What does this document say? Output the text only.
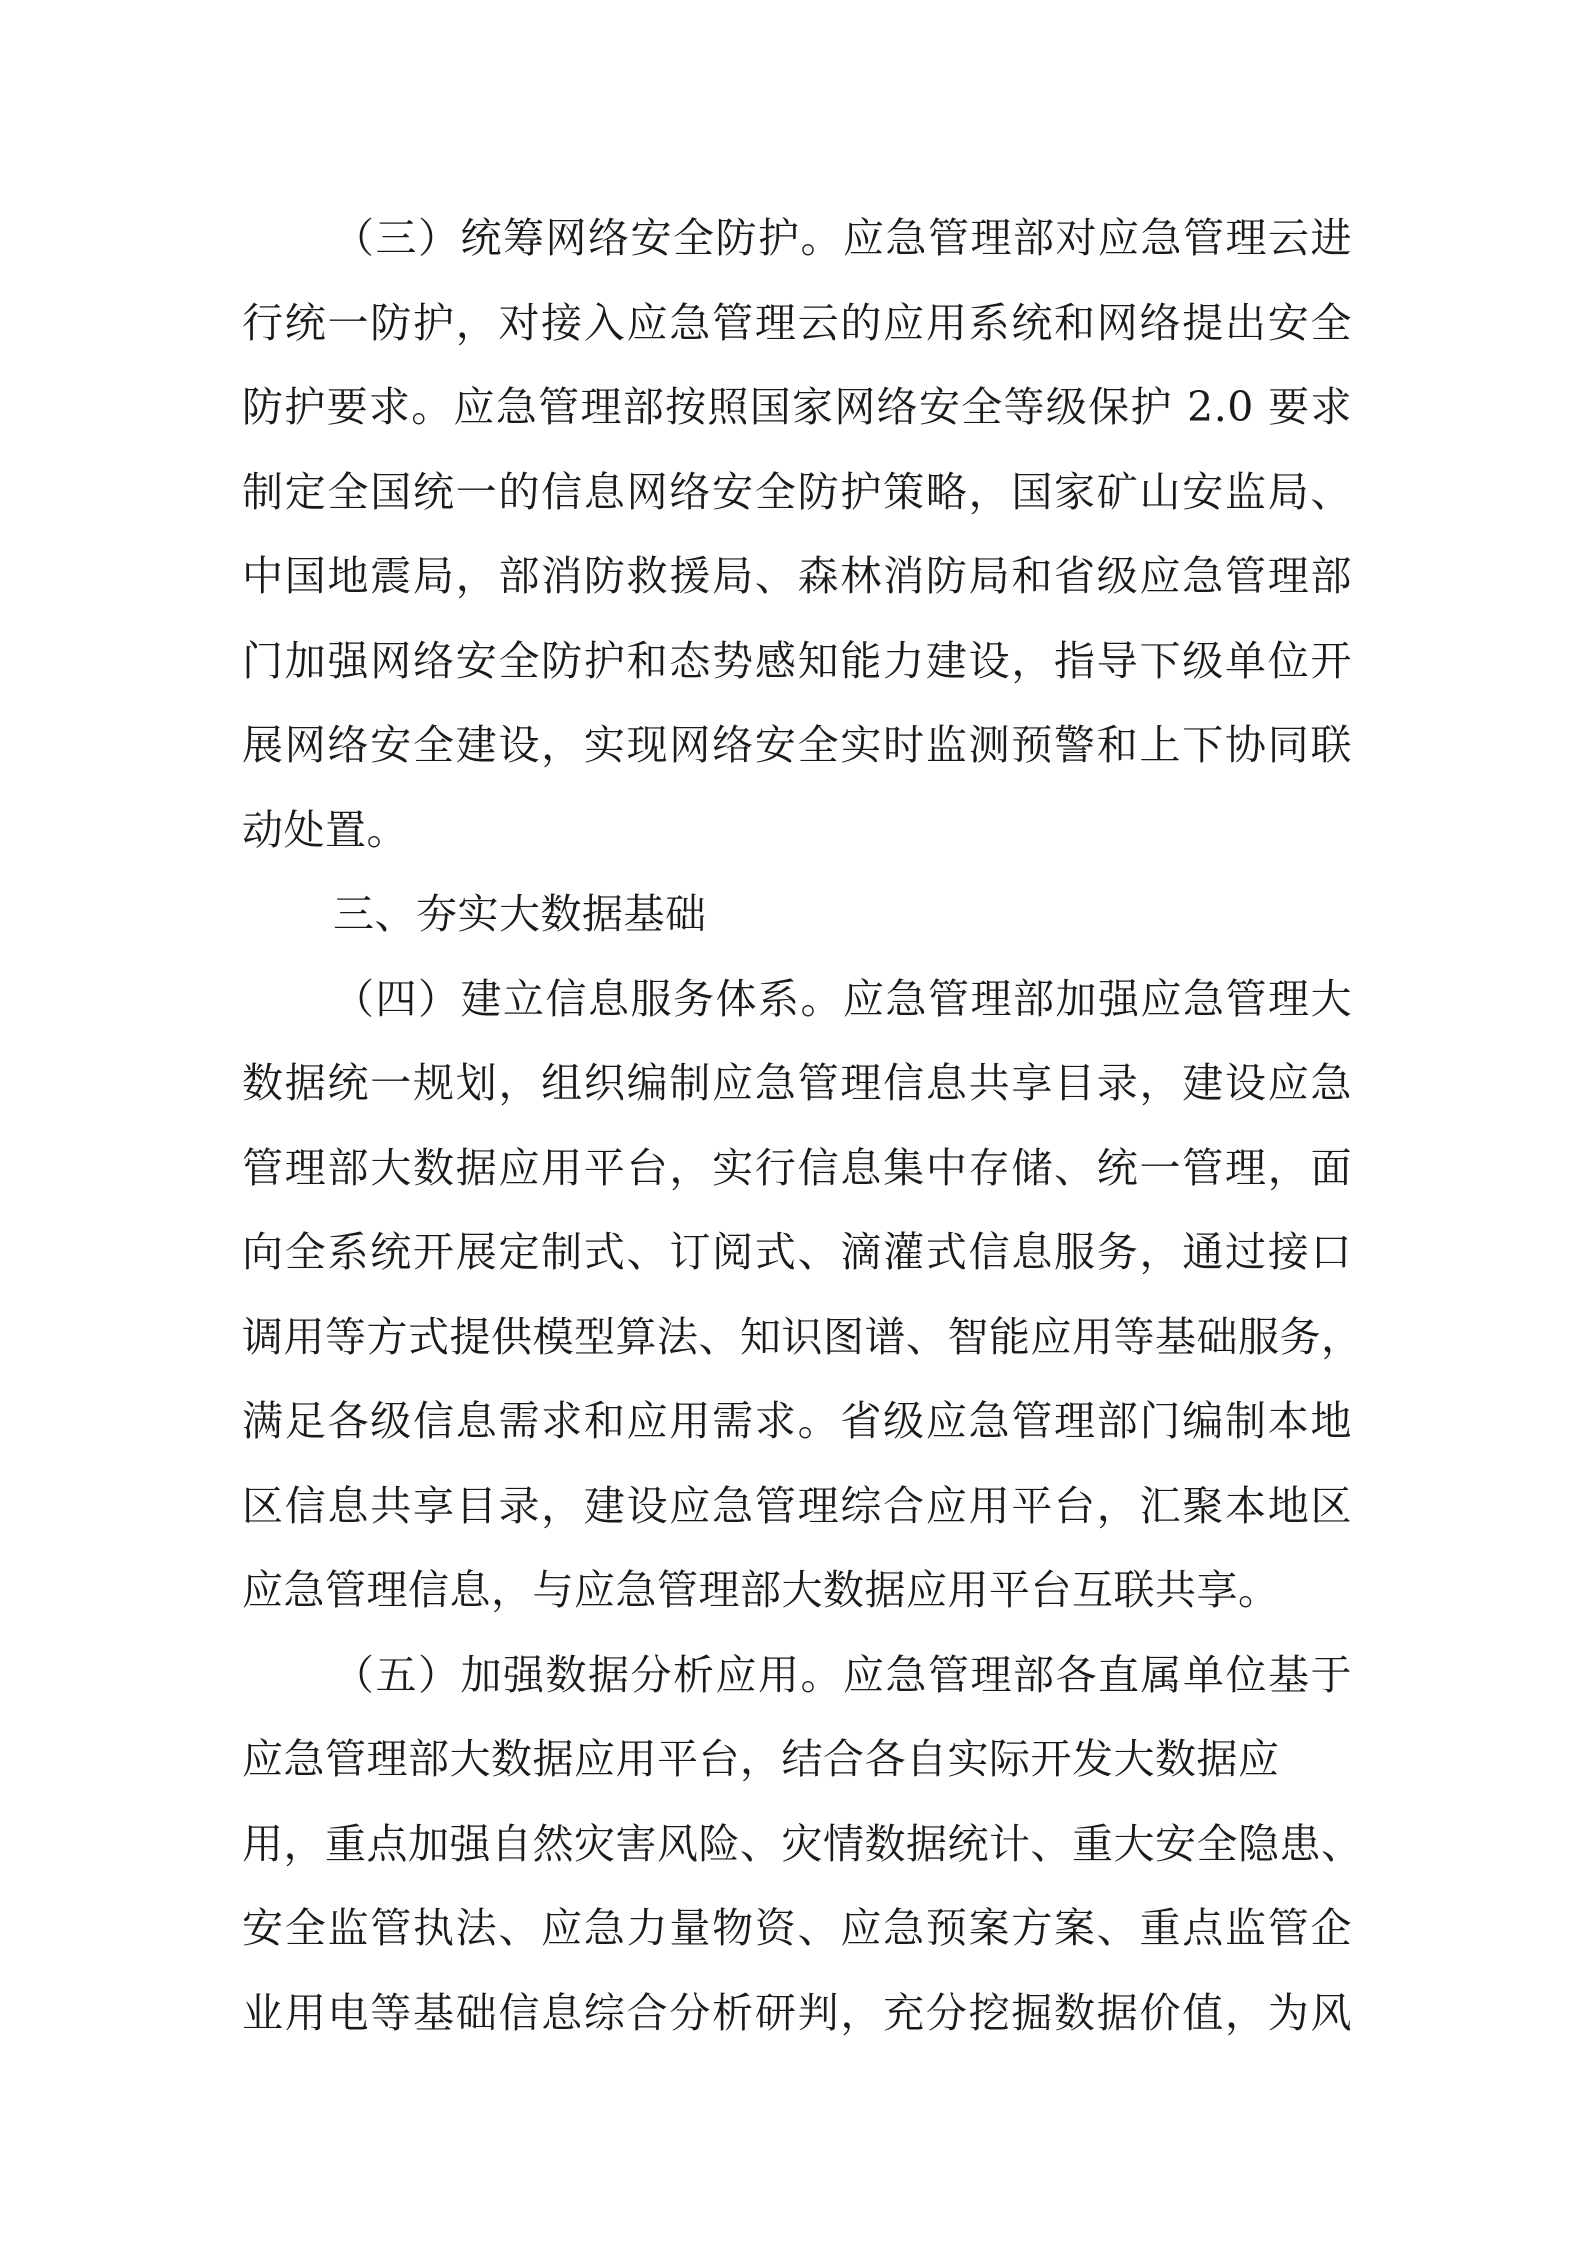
（三）统筹网络安全防护。应急管理部对应急管理云进
行统一防护，对接入应急管理云的应用系统和网络提出安全
防护要求。应急管理部按照国家网络安全等级保护 2.0 要求
制定全国统一的信息网络安全防护策略，国家矿山安监局、
中国地震局，部消防救援局、森林消防局和省级应急管理部
门加强网络安全防护和态势感知能力建设，指导下级单位开
展网络安全建设，实现网络安全实时监测预警和上下协同联
动处置。
三、夯实大数据基础
（四）建立信息服务体系。应急管理部加强应急管理大
数据统一规划，组织编制应急管理信息共享目录，建设应急
管理部大数据应用平台，实行信息集中存储、统一管理，面
向全系统开展定制式、订阅式、滴灌式信息服务，通过接口
调用等方式提供模型算法、知识图谱、智能应用等基础服务，
满足各级信息需求和应用需求。省级应急管理部门编制本地
区信息共享目录，建设应急管理综合应用平台，汇聚本地区
应急管理信息，与应急管理部大数据应用平台互联共享。
（五）加强数据分析应用。应急管理部各直属单位基于
应急管理部大数据应用平台，结合各自实际开发大数据应
用，重点加强自然灾害风险、灾情数据统计、重大安全隐患、
安全监管执法、应急力量物资、应急预案方案、重点监管企
业用电等基础信息综合分析研判，充分挖掘数据价值，为风
